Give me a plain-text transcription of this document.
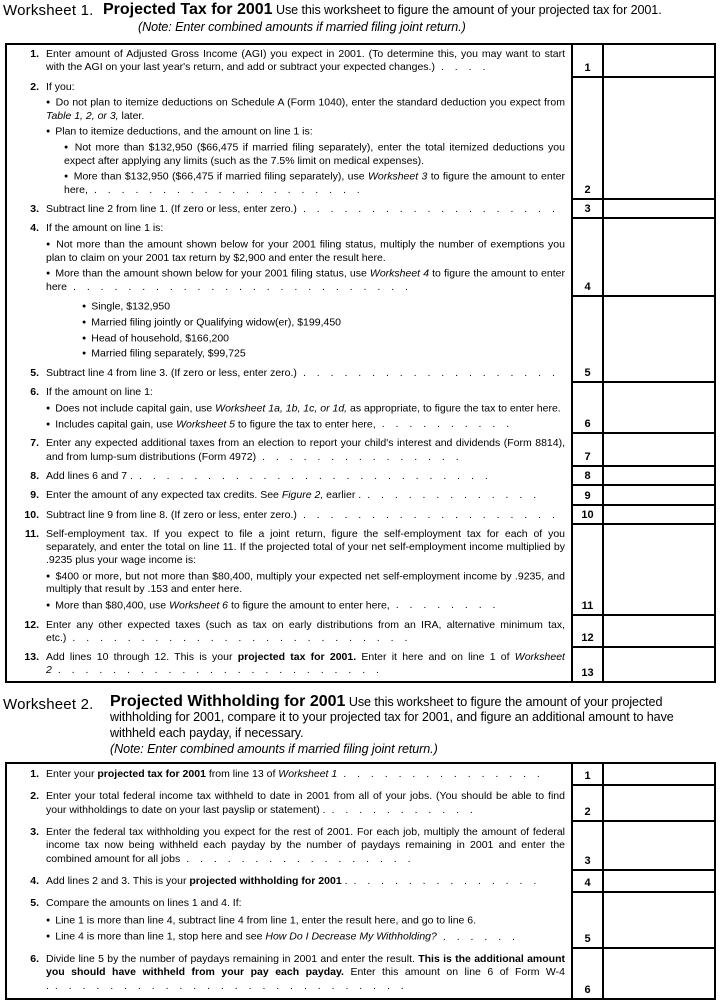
Worksheet 1. Projected Tax for 2001 Use this worksheet to figure the amount of your projected tax for 2001.
(Note: Enter combined amounts if married filing joint return.)
1. Enter amount of Adjusted Gross Income (AGI) you expect in 2001. (To determine this, you may want to start with the AGI on your last year's return, and add or subtract your expected changes.) . . . .	1
2. If you:
● Do not plan to itemize deductions on Schedule A (Form 1040), enter the standard deduction you expect from Table 1, 2, or 3, later.
● Plan to itemize deductions, and the amount on line 1 is:
● Not more than $132,950 ($66,475 if married filing separately), enter the total itemized deductions you expect after applying any limits (such as the 7.5% limit on medical expenses).
● More than $132,950 ($66,475 if married filing separately), use Worksheet 3 to figure the amount to enter here, . . . . . . . . . . . . . . . . . . . .	2
3. Subtract line 2 from line 1. (If zero or less, enter zero.) . . . . . . . . . . . . . . . . . . .	3
4. If the amount on line 1 is:
● Not more than the amount shown below for your 2001 filing status, multiply the number of exemptions you plan to claim on your 2001 tax return by $2,900 and enter the result here.
● More than the amount shown below for your 2001 filing status, use Worksheet 4 to figure the amount to enter here . . . . . . . . . . . . . . . . . . . . . . . . .	4
● Single, $132,950
● Married filing jointly or Qualifying widow(er), $199,450
● Head of household, $166,200
● Married filing separately, $99,725
5. Subtract line 4 from line 3. (If zero or less, enter zero.) . . . . . . . . . . . . . . . . . . .	5
6. If the amount on line 1:
● Does not include capital gain, use Worksheet 1a, 1b, 1c, or 1d, as appropriate, to figure the tax to enter here.
● Includes capital gain, use Worksheet 5 to figure the tax to enter here, . . . . . . . . . .	6
7. Enter any expected additional taxes from an election to report your child's interest and dividends (Form 8814), and from lump-sum distributions (Form 4972) . . . . . . . . . . . . . . .	7
8. Add lines 6 and 7 . . . . . . . . . . . . . . . . . . . . . . . . . . .	8
9. Enter the amount of any expected tax credits. See Figure 2, earlier . . . . . . . . . . . . . .	9
10. Subtract line 9 from line 8. (If zero or less, enter zero.) . . . . . . . . . . . . . . . . . . .	10
11. Self-employment tax. If you expect to file a joint return, figure the self-employment tax for each of you separately, and enter the total on line 11. If the projected total of your net self-employment income multiplied by .9235 plus your wage income is:
● $400 or more, but not more than $80,400, multiply your expected net self-employment income by .9235, and multiply that result by .153 and enter here.
● More than $80,400, use Worksheet 6 to figure the amount to enter here, . . . . . . . .	11
12. Enter any other expected taxes (such as tax on early distributions from an IRA, alternative minimum tax, etc.) . . . . . . . . . . . . . . . . . . . . . . . . .	12
13. Add lines 10 through 12. This is your projected tax for 2001. Enter it here and on line 1 of Worksheet 2 . . . . . . . . . . . . . . . . . . . . . . . .	13
Worksheet 2. Projected Withholding for 2001 Use this worksheet to figure the amount of your projected withholding for 2001, compare it to your projected tax for 2001, and figure an additional amount to have withheld each payday, if necessary.
(Note: Enter combined amounts if married filing joint return.)
1. Enter your projected tax for 2001 from line 13 of Worksheet 1 . . . . . . . . . . . . . . .	1
2. Enter your total federal income tax withheld to date in 2001 from all of your jobs. (You should be able to find your withholdings to date on your last payslip or statement) . . . . . . . . . . . .	2
3. Enter the federal tax withholding you expect for the rest of 2001. For each job, multiply the amount of federal income tax now being withheld each payday by the number of paydays remaining in 2001 and enter the combined amount for all jobs . . . . . . . . . . . . . . . . .	3
4. Add lines 2 and 3. This is your projected withholding for 2001 . . . . . . . . . . . . . . .	4
5. Compare the amounts on lines 1 and 4. If:
● Line 1 is more than line 4, subtract line 4 from line 1, enter the result here, and go to line 6.
● Line 4 is more than line 1, stop here and see How Do I Decrease My Withholding? . . . . . .	5
6. Divide line 5 by the number of paydays remaining in 2001 and enter the result. This is the additional amount you should have withheld from your pay each payday. Enter this amount on line 6 of Form W-4 . . . . . . . . . . . . . . . . . . . . . . . . . . .	6
